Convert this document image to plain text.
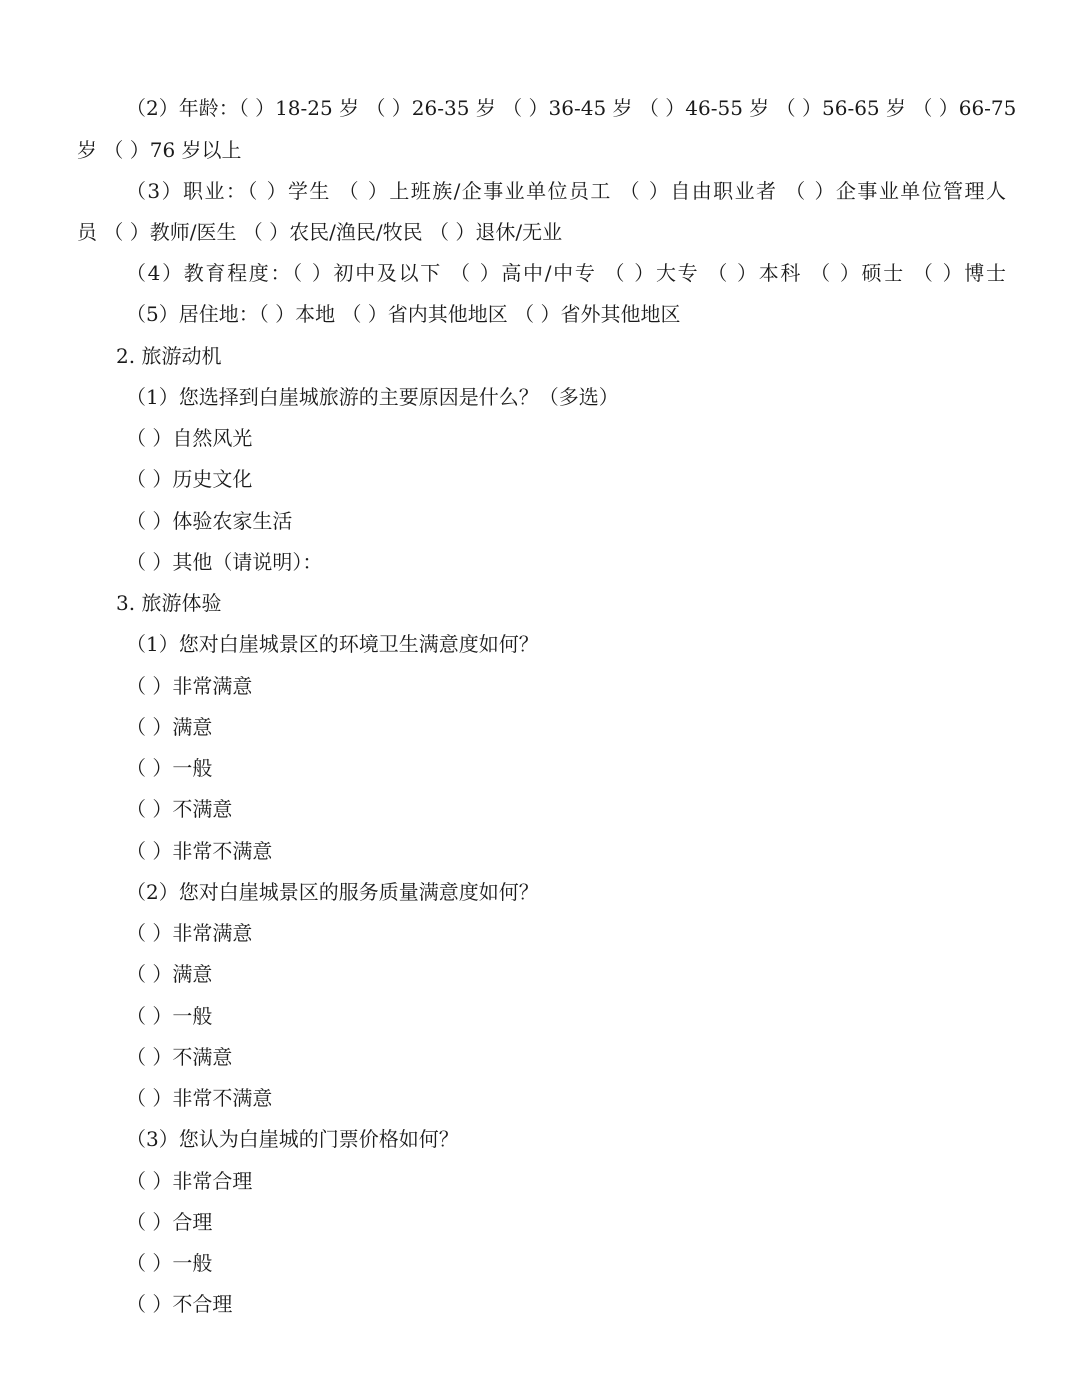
（2）年龄：（ ）18-25 岁 （ ）26-35 岁 （ ）36-45 岁 （ ）46-55 岁 （ ）56-65 岁 （ ）66-75
岁 （ ）76 岁以上
（3）职业：（ ）学生 （ ）上班族/企事业单位员工 （ ）自由职业者 （ ）企事业单位管理人
员 （ ）教师/医生 （ ）农民/渔民/牧民 （ ）退休/无业
（4）教育程度：（ ）初中及以下 （ ）高中/中专 （ ）大专 （ ）本科 （ ）硕士 （ ）博士
（5）居住地：（ ）本地 （ ）省内其他地区 （ ）省外其他地区
2. 旅游动机
（1）您选择到白崖城旅游的主要原因是什么？（多选）
（ ）自然风光
（ ）历史文化
（ ）体验农家生活
（ ）其他（请说明）：
3. 旅游体验
（1）您对白崖城景区的环境卫生满意度如何？
（ ）非常满意
（ ）满意
（ ）一般
（ ）不满意
（ ）非常不满意
（2）您对白崖城景区的服务质量满意度如何？
（ ）非常满意
（ ）满意
（ ）一般
（ ）不满意
（ ）非常不满意
（3）您认为白崖城的门票价格如何？
（ ）非常合理
（ ）合理
（ ）一般
（ ）不合理
